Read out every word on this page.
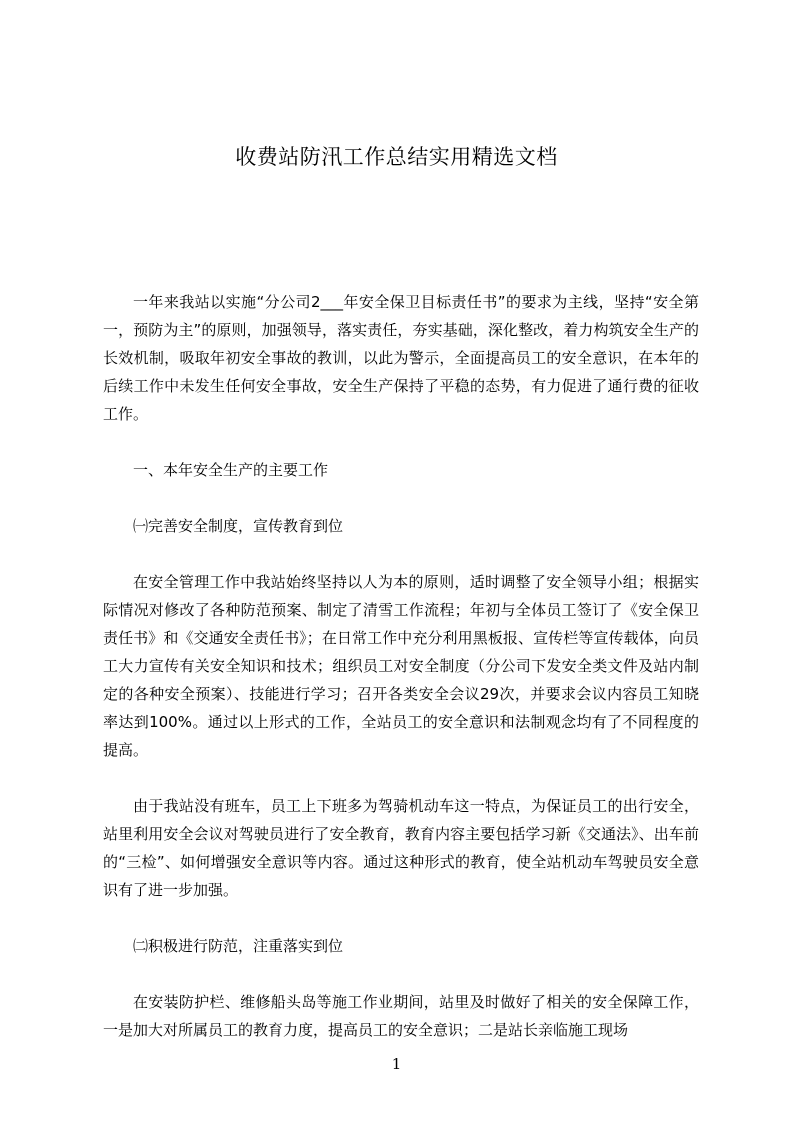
收费站防汛工作总结实用精选文档

一年来我站以实施“分公司2___年安全保卫目标责任书”的要求为主线，坚持“安全第一，预防为主”的原则，加强领导，落实责任，夯实基础，深化整改，着力构筑安全生产的长效机制，吸取年初安全事故的教训，以此为警示，全面提高员工的安全意识，在本年的后续工作中未发生任何安全事故，安全生产保持了平稳的态势，有力促进了通行费的征收工作。

一、本年安全生产的主要工作

㈠完善安全制度，宣传教育到位

在安全管理工作中我站始终坚持以人为本的原则，适时调整了安全领导小组；根据实际情况对修改了各种防范预案、制定了清雪工作流程；年初与全体员工签订了《安全保卫责任书》和《交通安全责任书》；在日常工作中充分利用黑板报、宣传栏等宣传载体，向员工大力宣传有关安全知识和技术；组织员工对安全制度（分公司下发安全类文件及站内制定的各种安全预案）、技能进行学习；召开各类安全会议29次，并要求会议内容员工知晓率达到100%。通过以上形式的工作，全站员工的安全意识和法制观念均有了不同程度的提高。

由于我站没有班车，员工上下班多为驾骑机动车这一特点，为保证员工的出行安全，站里利用安全会议对驾驶员进行了安全教育，教育内容主要包括学习新《交通法》、出车前的“三检”、如何增强安全意识等内容。通过这种形式的教育，使全站机动车驾驶员安全意识有了进一步加强。

㈡积极进行防范，注重落实到位

在安装防护栏、维修船头岛等施工作业期间，站里及时做好了相关的安全保障工作，一是加大对所属员工的教育力度，提高员工的安全意识；二是站长亲临施工现场

1
